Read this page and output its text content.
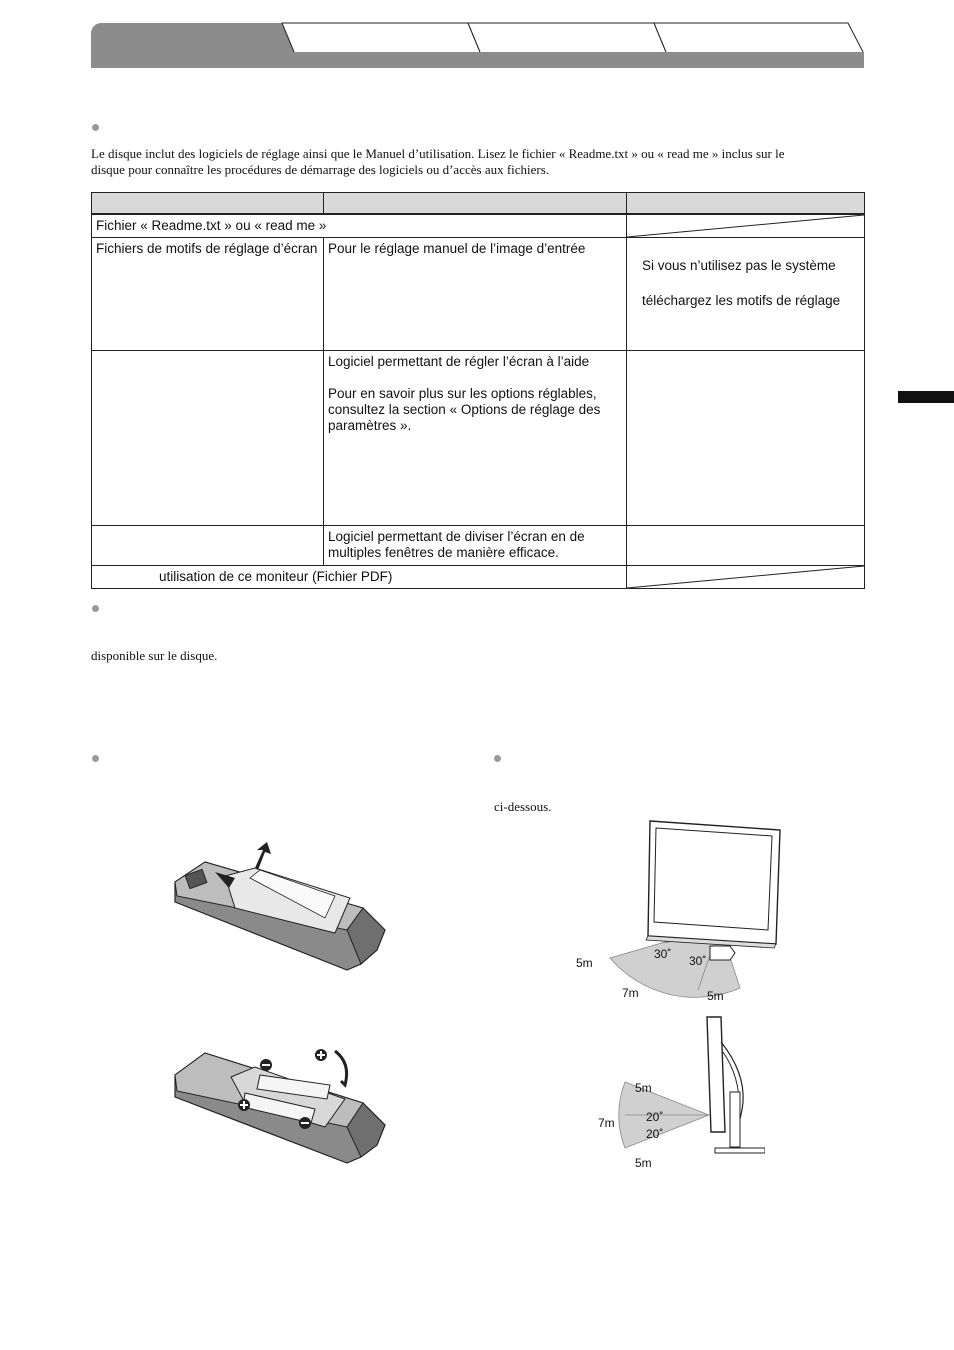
Le disque inclut des logiciels de réglage ainsi que le Manuel d’utilisation. Lisez le fichier « Readme.txt » ou « read me » inclus sur le

disque pour connaître les procédures de démarrage des logiciels ou d’accès aux fichiers.

Fichier « Readme.txt » ou « read me »	

Fichiers de motifs de réglage d’écran	Pour le réglage manuel de l’image d’entrée	Si vous n’utilisez pas le système
téléchargez les motifs de réglage

	Logiciel permettant de régler l’écran à l’aide
Pour en savoir plus sur les options réglables, consultez la section « Options de réglage des paramètres ».	

	Logiciel permettant de diviser l’écran en de multiples fenêtres de manière efficace.	
utilisation de ce moniteur (Fichier PDF)	
disponible sur le disque.
ci-dessous.
5m
7m	5m
30˚ 30˚
5m
7m
5m
20˚
20˚
